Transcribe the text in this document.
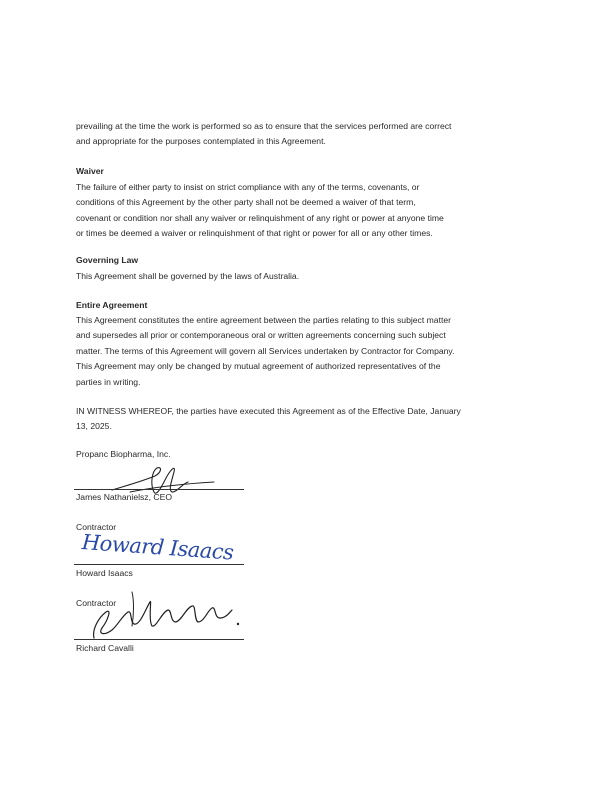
prevailing at the time the work is performed so as to ensure that the services performed are correct
and appropriate for the purposes contemplated in this Agreement.
Waiver
The failure of either party to insist on strict compliance with any of the terms, covenants, or
conditions of this Agreement by the other party shall not be deemed a waiver of that term,
covenant or condition nor shall any waiver or relinquishment of any right or power at anyone time
or times be deemed a waiver or relinquishment of that right or power for all or any other times.
Governing Law
This Agreement shall be governed by the laws of Australia.
Entire Agreement
This Agreement constitutes the entire agreement between the parties relating to this subject matter
and supersedes all prior or contemporaneous oral or written agreements concerning such subject
matter. The terms of this Agreement will govern all Services undertaken by Contractor for Company.
This Agreement may only be changed by mutual agreement of authorized representatives of the
parties in writing.
IN WITNESS WHEREOF, the parties have executed this Agreement as of the Effective Date, January
13, 2025.
Propanc Biopharma, Inc.
James Nathanielsz, CEO
Contractor
Howard Isaacs
Howard Isaacs
Contractor
Richard Cavalli
